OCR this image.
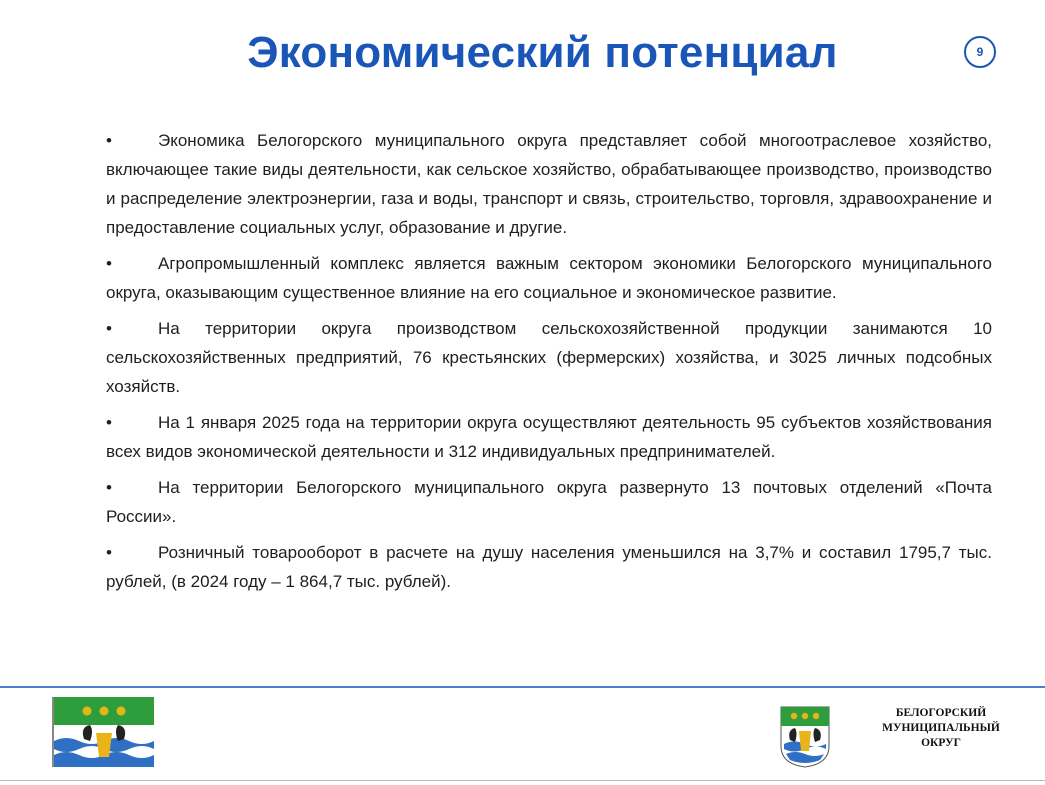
Экономический потенциал	9

•	Экономика Белогорского муниципального округа представляет собой многоотраслевое хозяйство, включающее такие виды деятельности, как сельское хозяйство, обрабатывающее производство, производство и распределение электроэнергии, газа и воды, транспорт и связь, строительство, торговля, здравоохранение и предоставление социальных услуг, образование и другие.

•	Агропромышленный комплекс является важным сектором экономики Белогорского муниципального округа, оказывающим существенное влияние на его социальное и экономическое развитие.

•	На территории округа производством сельскохозяйственной продукции занимаются 10 сельскохозяйственных предприятий, 76 крестьянских (фермерских) хозяйства, и 3025 личных подсобных хозяйств.

•	На 1 января 2025 года на территории округа осуществляют деятельность 95 субъектов хозяйствования всех видов экономической деятельности и 312 индивидуальных предпринимателей.

•	На территории Белогорского муниципального округа развернуто 13 почтовых отделений «Почта России».

•	Розничный товарооборот в расчете на душу населения уменьшился на 3,7% и составил 1795,7 тыс. рублей, (в 2024 году – 1 864,7 тыс. рублей).

БЕЛОГОРСКИЙ
МУНИЦИПАЛЬНЫЙ
ОКРУГ
